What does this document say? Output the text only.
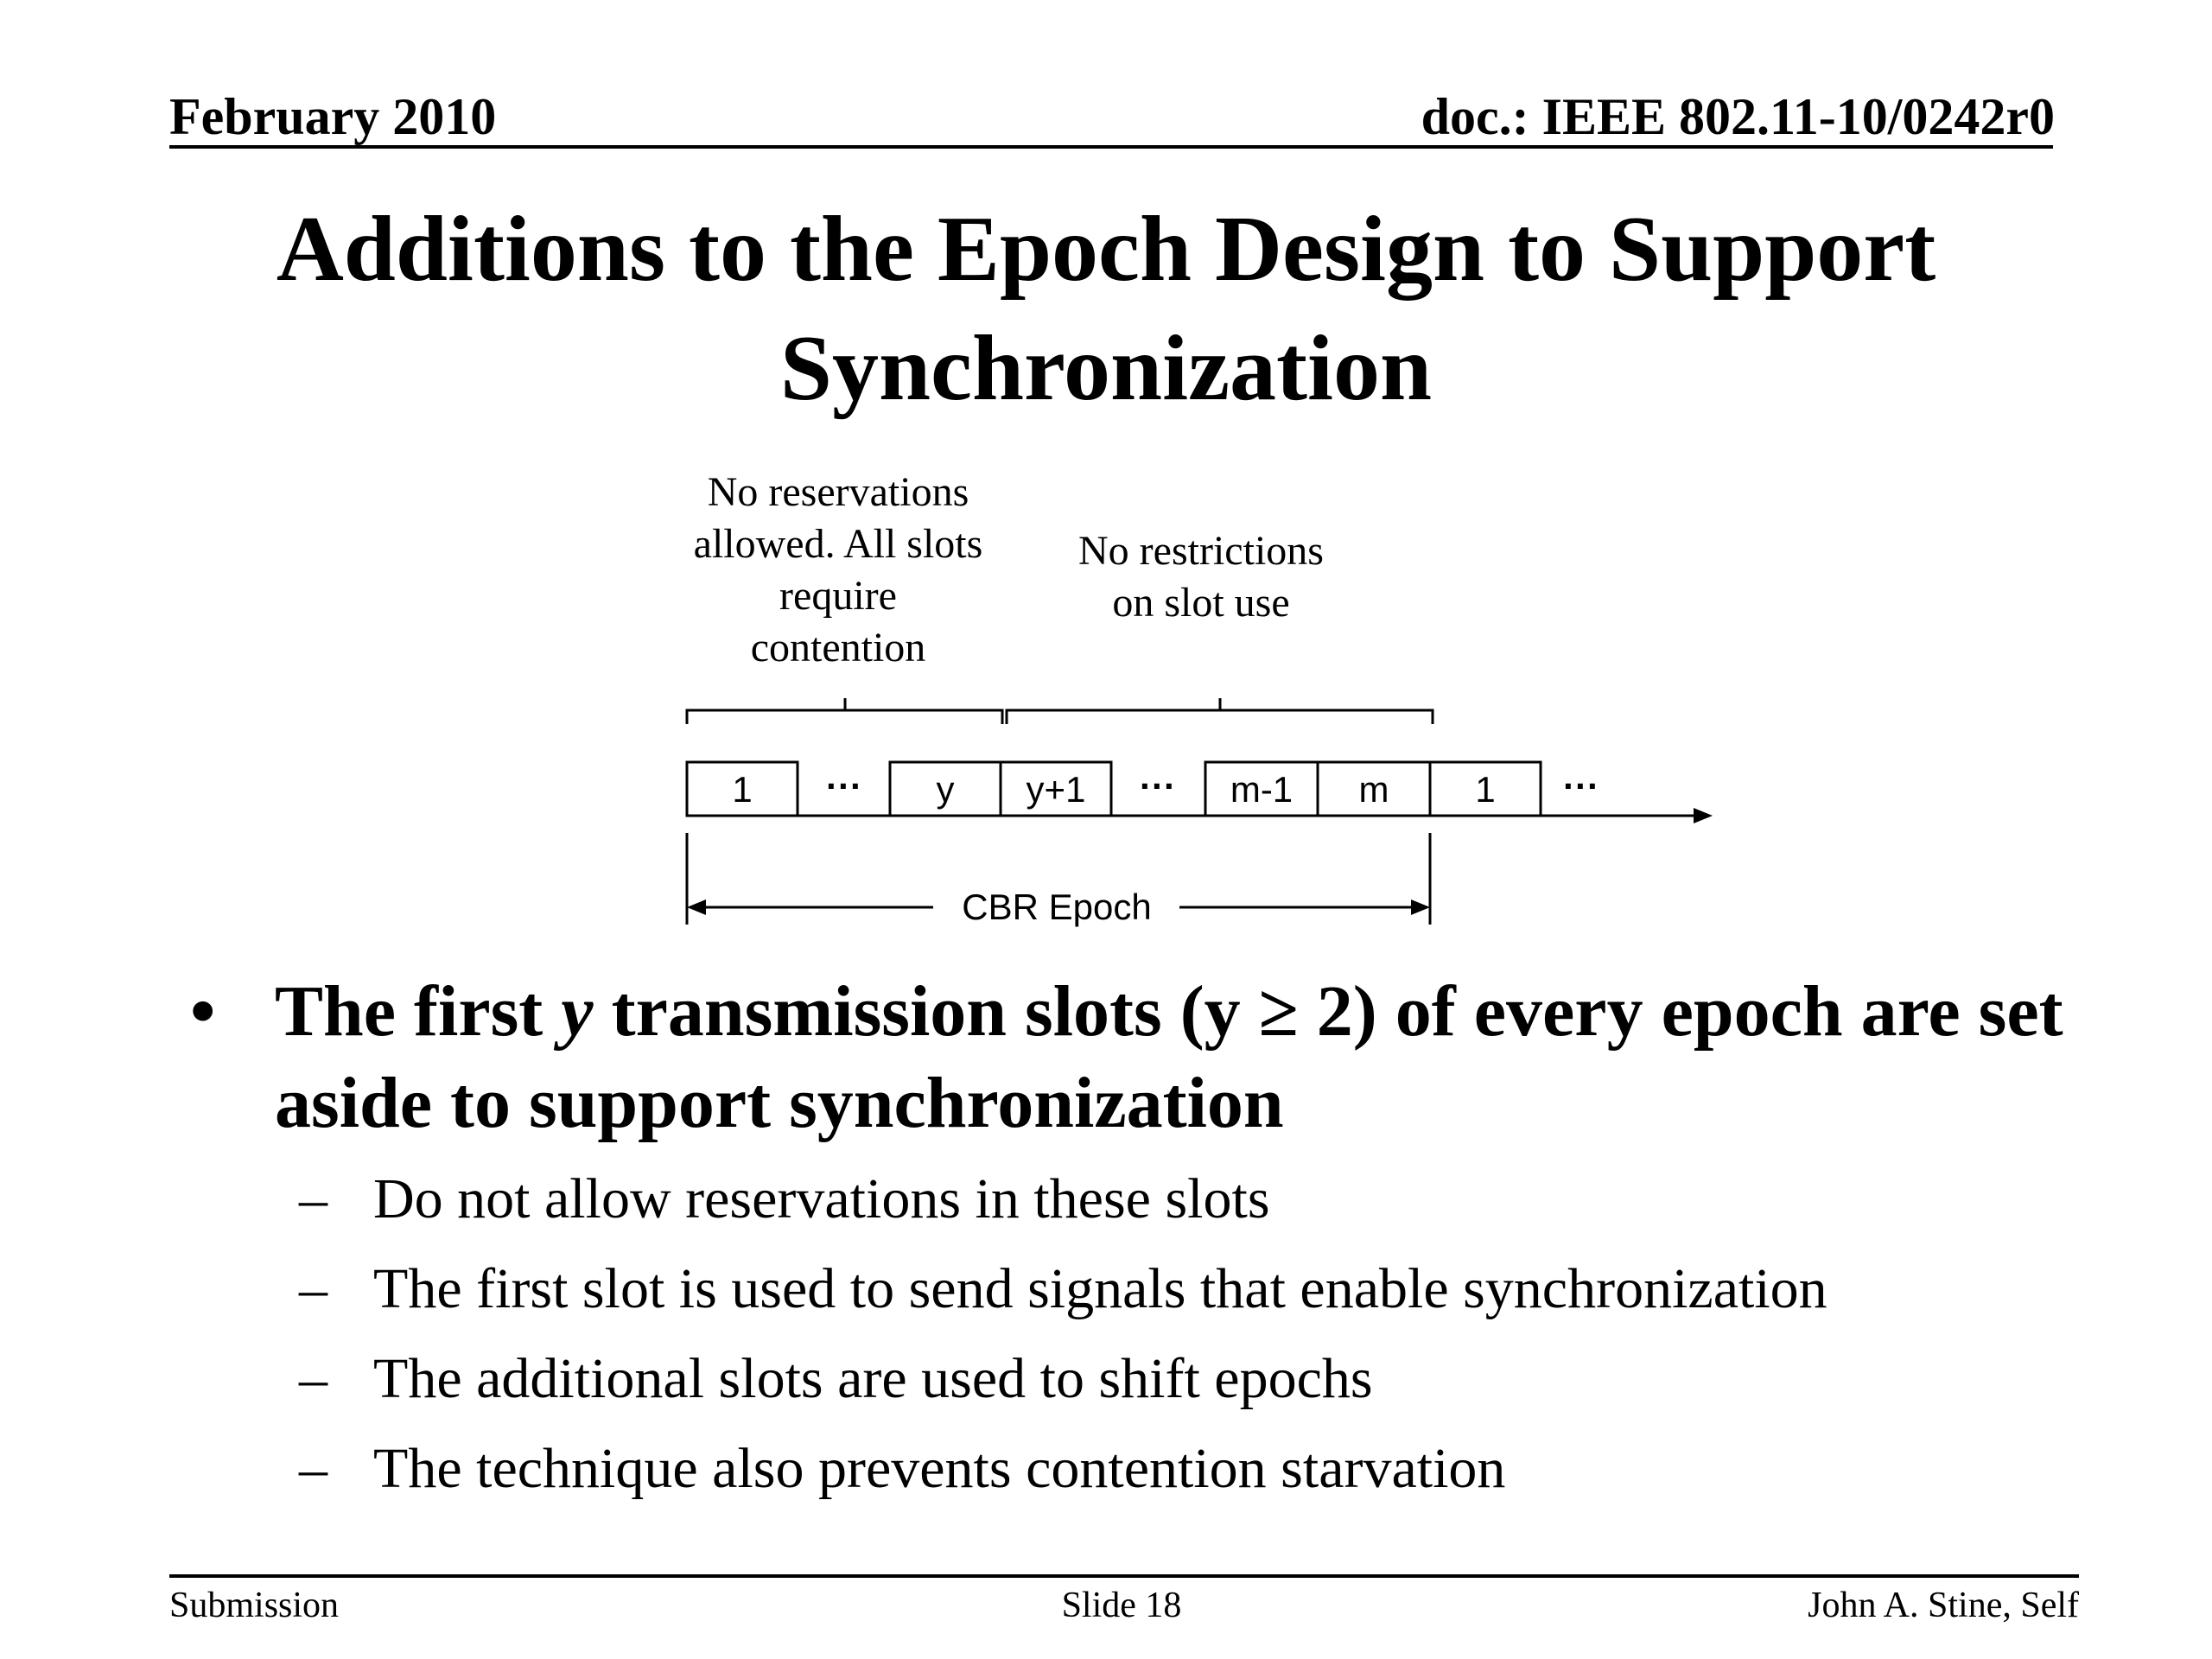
February 2010	doc.: IEEE 802.11-10/0242r0
Additions to the Epoch Design to Support
Synchronization
No reservations allowed. All slots require contention
No restrictions on slot use
1 ··· y y+1 ··· m-1 m 1 ···
CBR Epoch
• The first y transmission slots (y ≥ 2) of every epoch are set aside to support synchronization
– Do not allow reservations in these slots
– The first slot is used to send signals that enable synchronization
– The additional slots are used to shift epochs
– The technique also prevents contention starvation
Submission	Slide 18	John A. Stine, Self
